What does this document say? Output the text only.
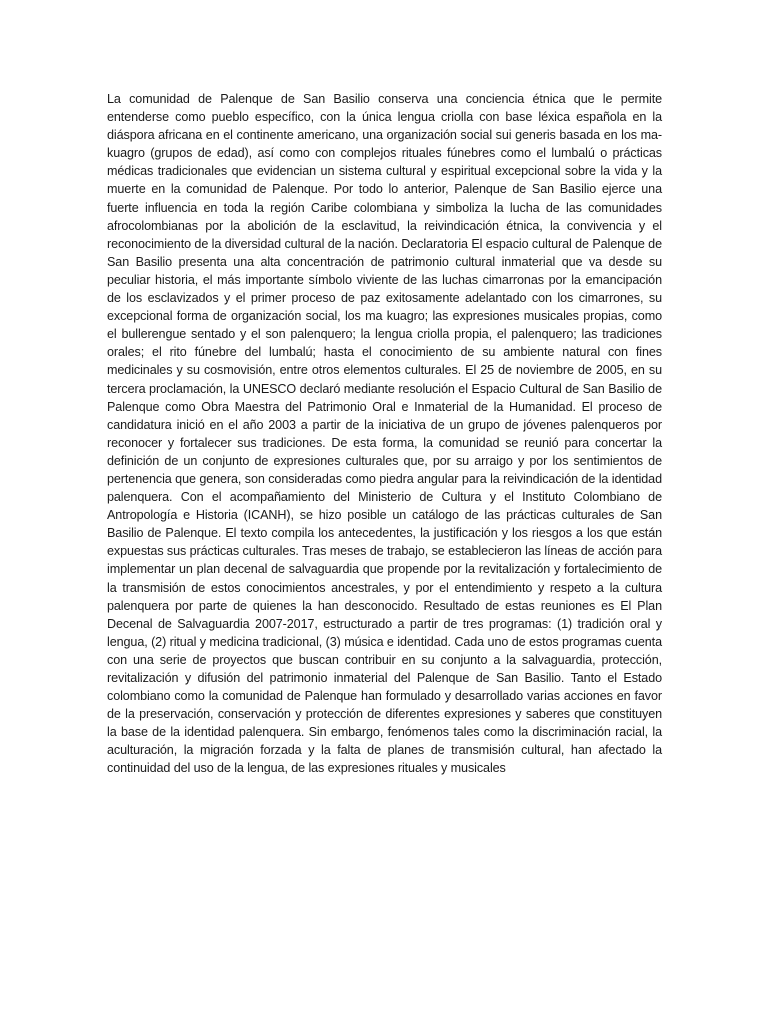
La comunidad de Palenque de San Basilio conserva una conciencia étnica que le permite entenderse como pueblo específico, con la única lengua criolla con base léxica española en la diáspora africana en el continente americano, una organización social sui generis basada en los ma-kuagro (grupos de edad), así como con complejos rituales fúnebres como el lumbalú o prácticas médicas tradicionales que evidencian un sistema cultural y espiritual excepcional sobre la vida y la muerte en la comunidad de Palenque. Por todo lo anterior, Palenque de San Basilio ejerce una fuerte influencia en toda la región Caribe colombiana y simboliza la lucha de las comunidades afrocolombianas por la abolición de la esclavitud, la reivindicación étnica, la convivencia y el reconocimiento de la diversidad cultural de la nación. Declaratoria El espacio cultural de Palenque de San Basilio presenta una alta concentración de patrimonio cultural inmaterial que va desde su peculiar historia, el más importante símbolo viviente de las luchas cimarronas por la emancipación de los esclavizados y el primer proceso de paz exitosamente adelantado con los cimarrones, su excepcional forma de organización social, los ma kuagro; las expresiones musicales propias, como el bullerengue sentado y el son palenquero; la lengua criolla propia, el palenquero; las tradiciones orales; el rito fúnebre del lumbalú; hasta el conocimiento de su ambiente natural con fines medicinales y su cosmovisión, entre otros elementos culturales. El 25 de noviembre de 2005, en su tercera proclamación, la UNESCO declaró mediante resolución el Espacio Cultural de San Basilio de Palenque como Obra Maestra del Patrimonio Oral e Inmaterial de la Humanidad. El proceso de candidatura inició en el año 2003 a partir de la iniciativa de un grupo de jóvenes palenqueros por reconocer y fortalecer sus tradiciones. De esta forma, la comunidad se reunió para concertar la definición de un conjunto de expresiones culturales que, por su arraigo y por los sentimientos de pertenencia que genera, son consideradas como piedra angular para la reivindicación de la identidad palenquera. Con el acompañamiento del Ministerio de Cultura y el Instituto Colombiano de Antropología e Historia (ICANH), se hizo posible un catálogo de las prácticas culturales de San Basilio de Palenque. El texto compila los antecedentes, la justificación y los riesgos a los que están expuestas sus prácticas culturales. Tras meses de trabajo, se establecieron las líneas de acción para implementar un plan decenal de salvaguardia que propende por la revitalización y fortalecimiento de la transmisión de estos conocimientos ancestrales, y por el entendimiento y respeto a la cultura palenquera por parte de quienes la han desconocido. Resultado de estas reuniones es El Plan Decenal de Salvaguardia 2007-2017, estructurado a partir de tres programas: (1) tradición oral y lengua, (2) ritual y medicina tradicional, (3) música e identidad. Cada uno de estos programas cuenta con una serie de proyectos que buscan contribuir en su conjunto a la salvaguardia, protección, revitalización y difusión del patrimonio inmaterial del Palenque de San Basilio. Tanto el Estado colombiano como la comunidad de Palenque han formulado y desarrollado varias acciones en favor de la preservación, conservación y protección de diferentes expresiones y saberes que constituyen la base de la identidad palenquera. Sin embargo, fenómenos tales como la discriminación racial, la aculturación, la migración forzada y la falta de planes de transmisión cultural, han afectado la continuidad del uso de la lengua, de las expresiones rituales y musicales
